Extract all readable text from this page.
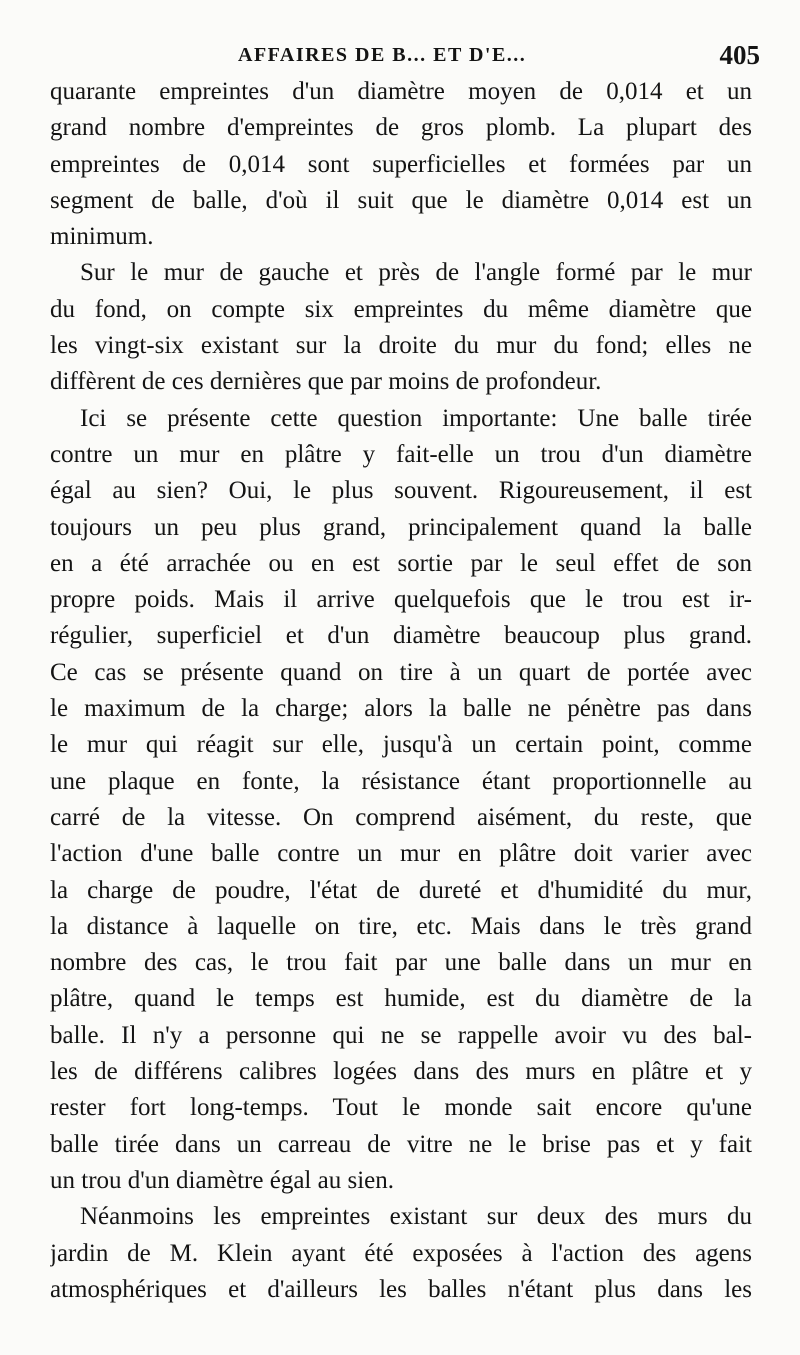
AFFAIRES DE B... ET D'E...	405
quarante empreintes d'un diamètre moyen de 0,014 et un
grand nombre d'empreintes de gros plomb. La plupart des
empreintes de 0,014 sont superficielles et formées par un
segment de balle, d'où il suit que le diamètre 0,014 est un
minimum.
Sur le mur de gauche et près de l'angle formé par le mur
du fond, on compte six empreintes du même diamètre que
les vingt-six existant sur la droite du mur du fond; elles ne
diffèrent de ces dernières que par moins de profondeur.
Ici se présente cette question importante: Une balle tirée
contre un mur en plâtre y fait-elle un trou d'un diamètre
égal au sien? Oui, le plus souvent. Rigoureusement, il est
toujours un peu plus grand, principalement quand la balle
en a été arrachée ou en est sortie par le seul effet de son
propre poids. Mais il arrive quelquefois que le trou est ir-
régulier, superficiel et d'un diamètre beaucoup plus grand.
Ce cas se présente quand on tire à un quart de portée avec
le maximum de la charge; alors la balle ne pénètre pas dans
le mur qui réagit sur elle, jusqu'à un certain point, comme
une plaque en fonte, la résistance étant proportionnelle au
carré de la vitesse. On comprend aisément, du reste, que
l'action d'une balle contre un mur en plâtre doit varier avec
la charge de poudre, l'état de dureté et d'humidité du mur,
la distance à laquelle on tire, etc. Mais dans le très grand
nombre des cas, le trou fait par une balle dans un mur en
plâtre, quand le temps est humide, est du diamètre de la
balle. Il n'y a personne qui ne se rappelle avoir vu des bal-
les de différens calibres logées dans des murs en plâtre et y
rester fort long-temps. Tout le monde sait encore qu'une
balle tirée dans un carreau de vitre ne le brise pas et y fait
un trou d'un diamètre égal au sien.
Néanmoins les empreintes existant sur deux des murs du
jardin de M. Klein ayant été exposées à l'action des agens
atmosphériques et d'ailleurs les balles n'étant plus dans les
